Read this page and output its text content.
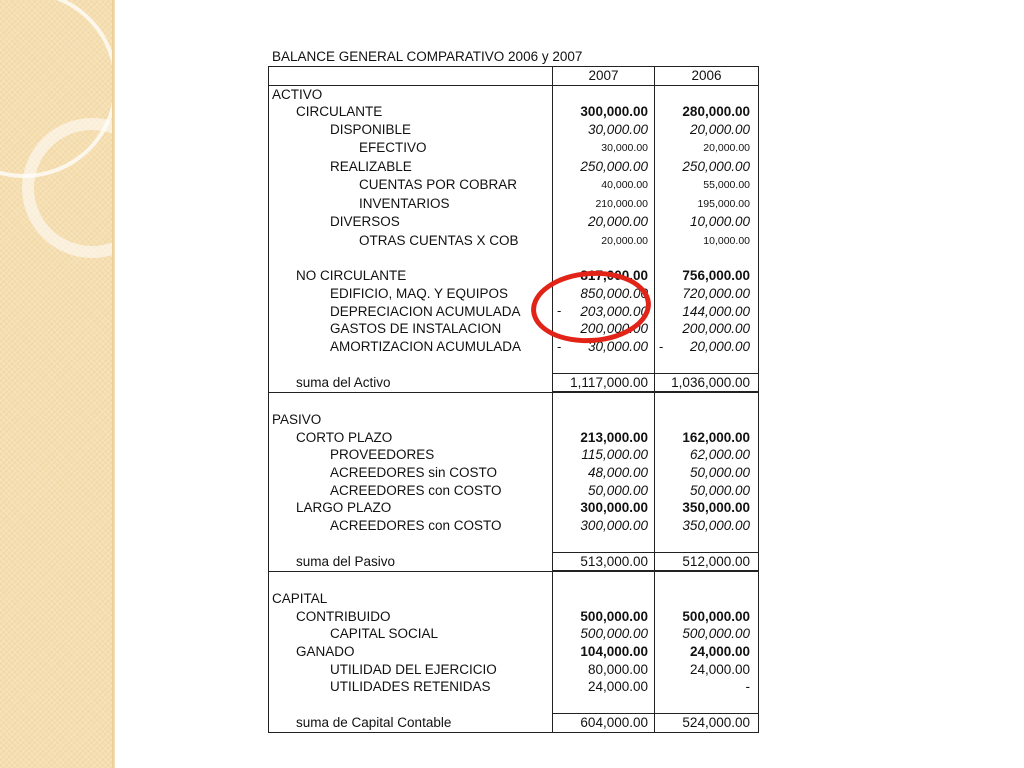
BALANCE GENERAL COMPARATIVO 2006 y 2007
	2007	2006
ACTIVO		
CIRCULANTE	300,000.00	280,000.00
DISPONIBLE	30,000.00	20,000.00
EFECTIVO	30,000.00	20,000.00
REALIZABLE	250,000.00	250,000.00
CUENTAS POR COBRAR	40,000.00	55,000.00
INVENTARIOS	210,000.00	195,000.00
DIVERSOS	20,000.00	10,000.00
OTRAS CUENTAS X COB	20,000.00	10,000.00

NO CIRCULANTE	817,000.00	756,000.00
EDIFICIO, MAQ. Y EQUIPOS	850,000.00	720,000.00
DEPRECIACION ACUMULADA	- 203,000.00	144,000.00
GASTOS DE INSTALACION	200,000.00	200,000.00
AMORTIZACION ACUMULADA	- 30,000.00	- 20,000.00

suma del Activo	1,117,000.00	1,036,000.00

PASIVO		
CORTO PLAZO	213,000.00	162,000.00
PROVEEDORES	115,000.00	62,000.00
ACREEDORES sin COSTO	48,000.00	50,000.00
ACREEDORES con COSTO	50,000.00	50,000.00
LARGO PLAZO	300,000.00	350,000.00
ACREEDORES con COSTO	300,000.00	350,000.00

suma del Pasivo	513,000.00	512,000.00

CAPITAL		
CONTRIBUIDO	500,000.00	500,000.00
CAPITAL SOCIAL	500,000.00	500,000.00
GANADO	104,000.00	24,000.00
UTILIDAD DEL EJERCICIO	80,000.00	24,000.00
UTILIDADES RETENIDAS	24,000.00	-

suma de Capital Contable	604,000.00	524,000.00
